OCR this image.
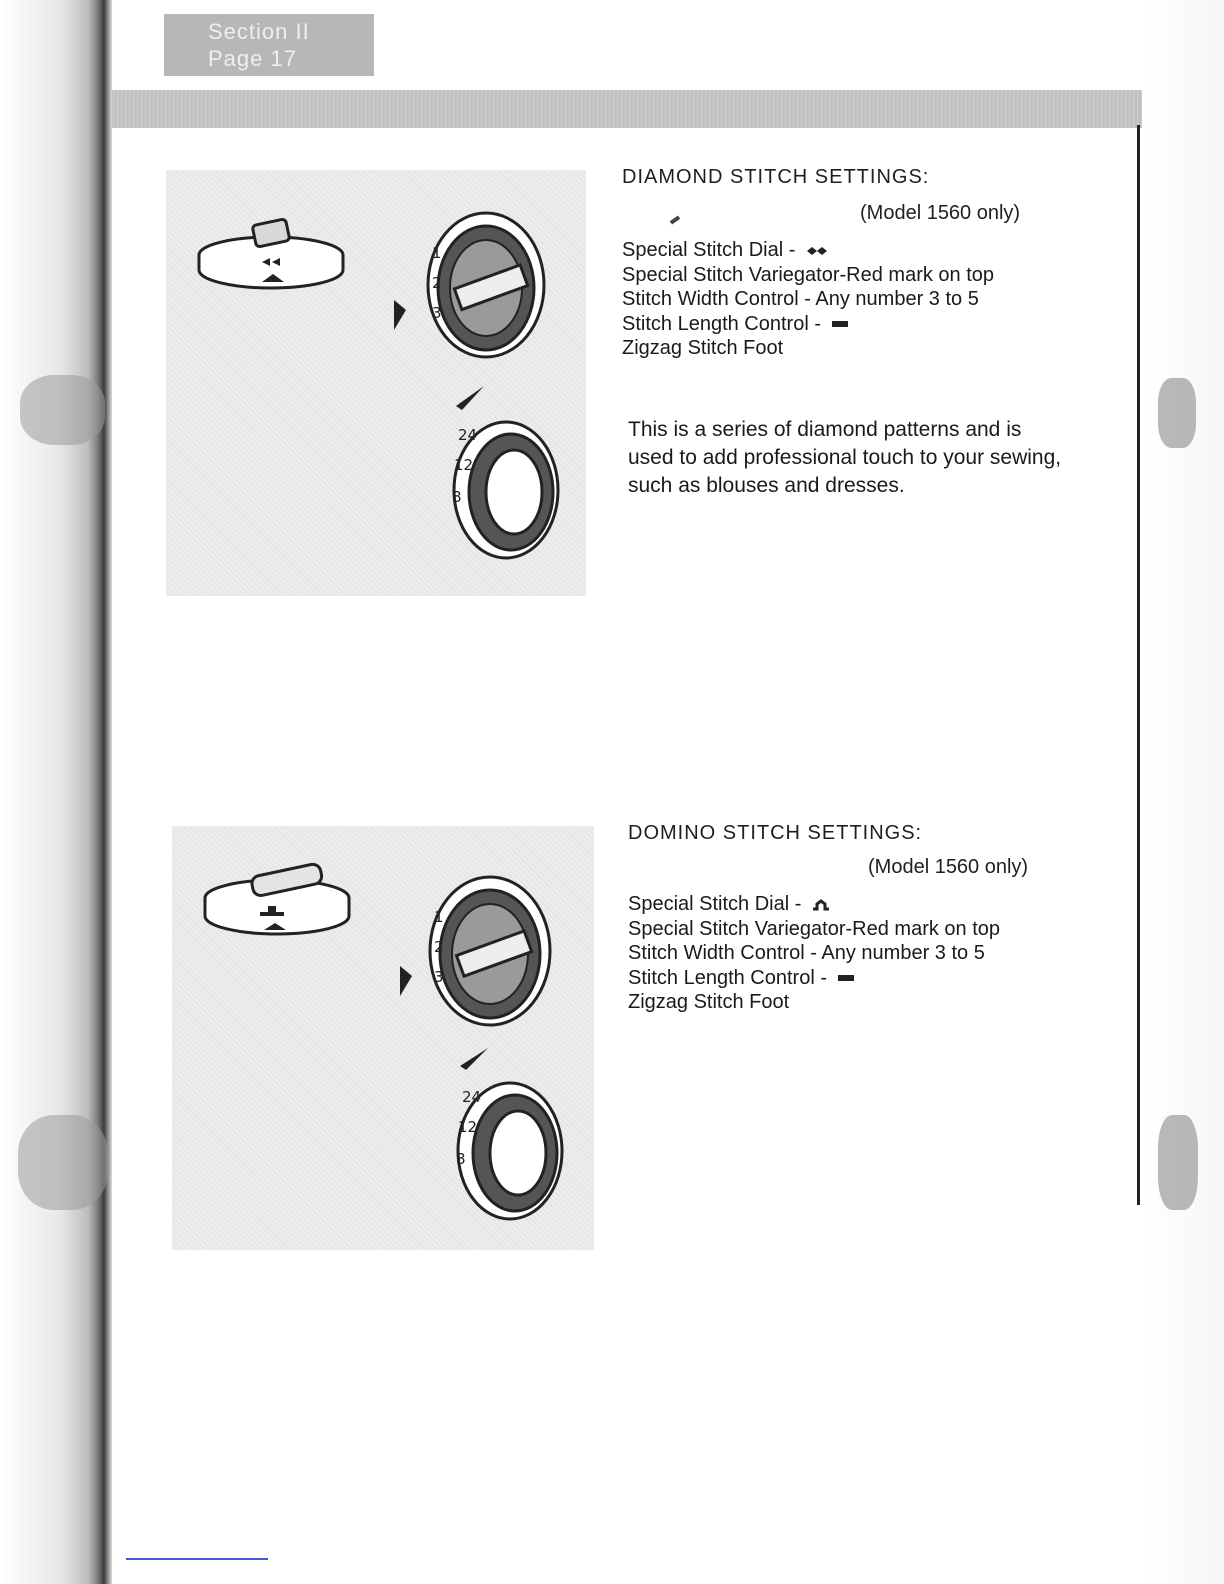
Section II
Page 17
1
2
3
24
12
8
DIAMOND STITCH SETTINGS:
(Model 1560 only)
Special Stitch Dial -
Special Stitch Variegator-Red mark on top
Stitch Width Control - Any number 3 to 5
Stitch Length Control -
Zigzag Stitch Foot
This is a series of diamond patterns and is used to add professional touch to your sewing, such as blouses and dresses.
1
2
3
24
12
8
DOMINO STITCH SETTINGS:
(Model 1560 only)
Special Stitch Dial -
Special Stitch Variegator-Red mark on top
Stitch Width Control - Any number 3 to 5
Stitch Length Control -
Zigzag Stitch Foot
